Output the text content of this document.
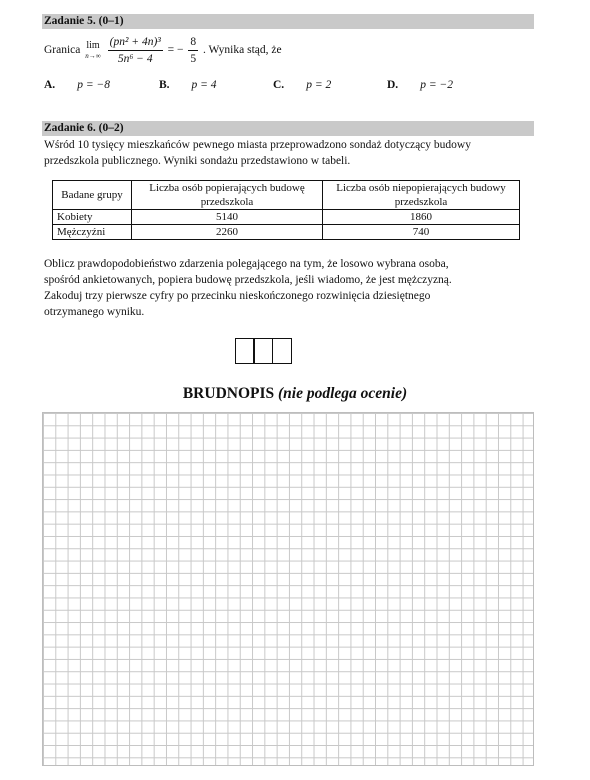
Zadanie 5. (0–1)
Granica lim
n→∞
$\frac{\text{(pn² + 4n)³}}{\text{5n⁶ − 4}}$ = − $\frac{8}{5}$ . Wynika stąd, że
A. p = −8	B. p = 4	C. p = 2	D. p = −2
Zadanie 6. (0–2)
Wśród 10 tysięcy mieszkańców pewnego miasta przeprowadzono sondaż dotyczący budowy
przedszkola publicznego. Wyniki sondażu przedstawiono w tabeli.
Badane grupy	Liczba osób popierających budowę przedszkola	Liczba osób niepopierających budowy przedszkola
Kobiety	5140	1860
Mężczyźni	2260	740
Oblicz prawdopodobieństwo zdarzenia polegającego na tym, że losowo wybrana osoba,
spośród ankietowanych, popiera budowę przedszkola, jeśli wiadomo, że jest mężczyzną.
Zakoduj trzy pierwsze cyfry po przecinku nieskończonego rozwinięcia dziesiętnego
otrzymanego wyniku.
BRUDNOPIS (nie podlega ocenie)
